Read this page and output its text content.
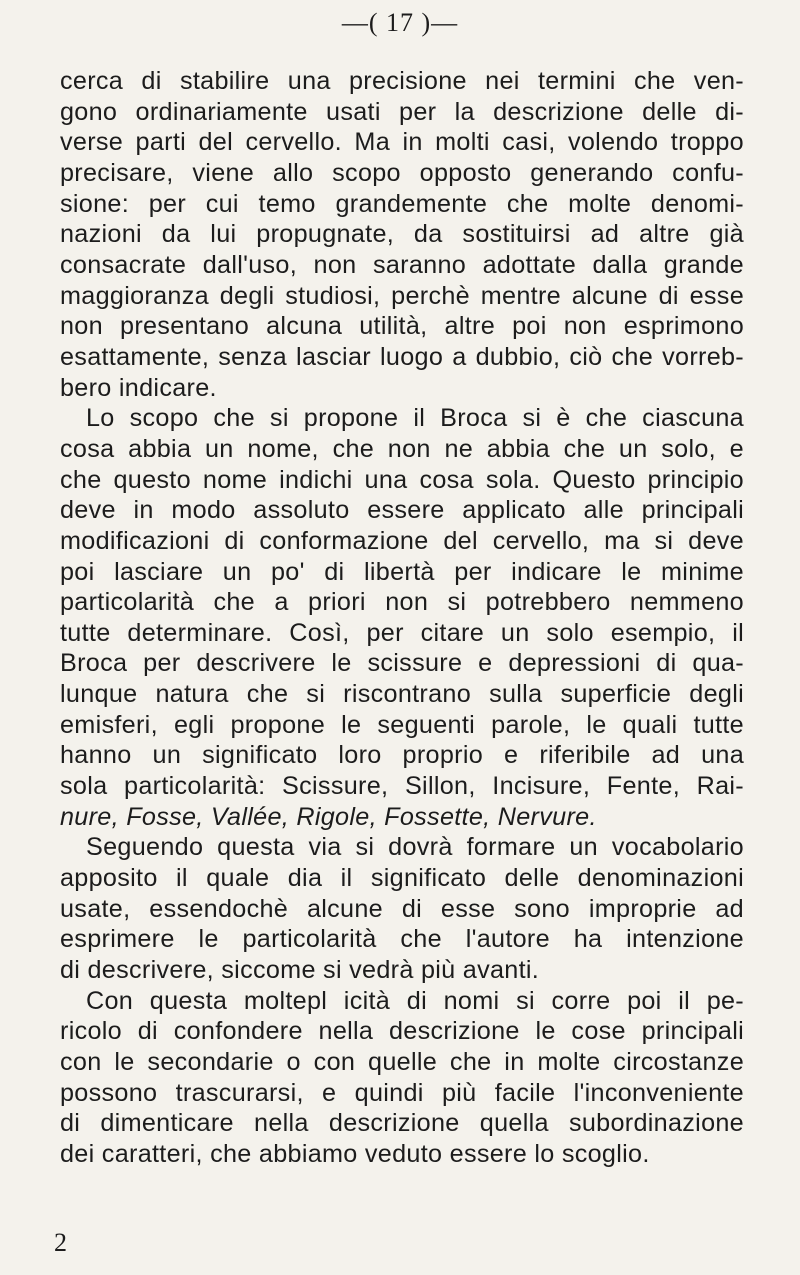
—( 17 )—
cerca di stabilire una precisione nei termini che ven-
gono ordinariamente usati per la descrizione delle di-
verse parti del cervello. Ma in molti casi, volendo troppo
precisare, viene allo scopo opposto generando confu-
sione: per cui temo grandemente che molte denomi-
nazioni da lui propugnate, da sostituirsi ad altre già
consacrate dall'uso, non saranno adottate dalla grande
maggioranza degli studiosi, perchè mentre alcune di esse
non presentano alcuna utilità, altre poi non esprimono
esattamente, senza lasciar luogo a dubbio, ciò che vorreb-
bero indicare.
Lo scopo che si propone il Broca si è che ciascuna
cosa abbia un nome, che non ne abbia che un solo, e
che questo nome indichi una cosa sola. Questo principio
deve in modo assoluto essere applicato alle principali
modificazioni di conformazione del cervello, ma si deve
poi lasciare un po' di libertà per indicare le minime
particolarità che a priori non si potrebbero nemmeno
tutte determinare. Così, per citare un solo esempio, il
Broca per descrivere le scissure e depressioni di qua-
lunque natura che si riscontrano sulla superficie degli
emisferi, egli propone le seguenti parole, le quali tutte
hanno un significato loro proprio e riferibile ad una
sola particolarità: Scissure, Sillon, Incisure, Fente, Rai-
nure, Fosse, Vallée, Rigole, Fossette, Nervure.
Seguendo questa via si dovrà formare un vocabolario
apposito il quale dia il significato delle denominazioni
usate, essendochè alcune di esse sono improprie ad
esprimere le particolarità che l'autore ha intenzione
di descrivere, siccome si vedrà più avanti.
Con questa moltepl icità di nomi si corre poi il pe-
ricolo di confondere nella descrizione le cose principali
con le secondarie o con quelle che in molte circostanze
possono trascurarsi, e quindi più facile l'inconveniente
di dimenticare nella descrizione quella subordinazione
dei caratteri, che abbiamo veduto essere lo scoglio.
2
